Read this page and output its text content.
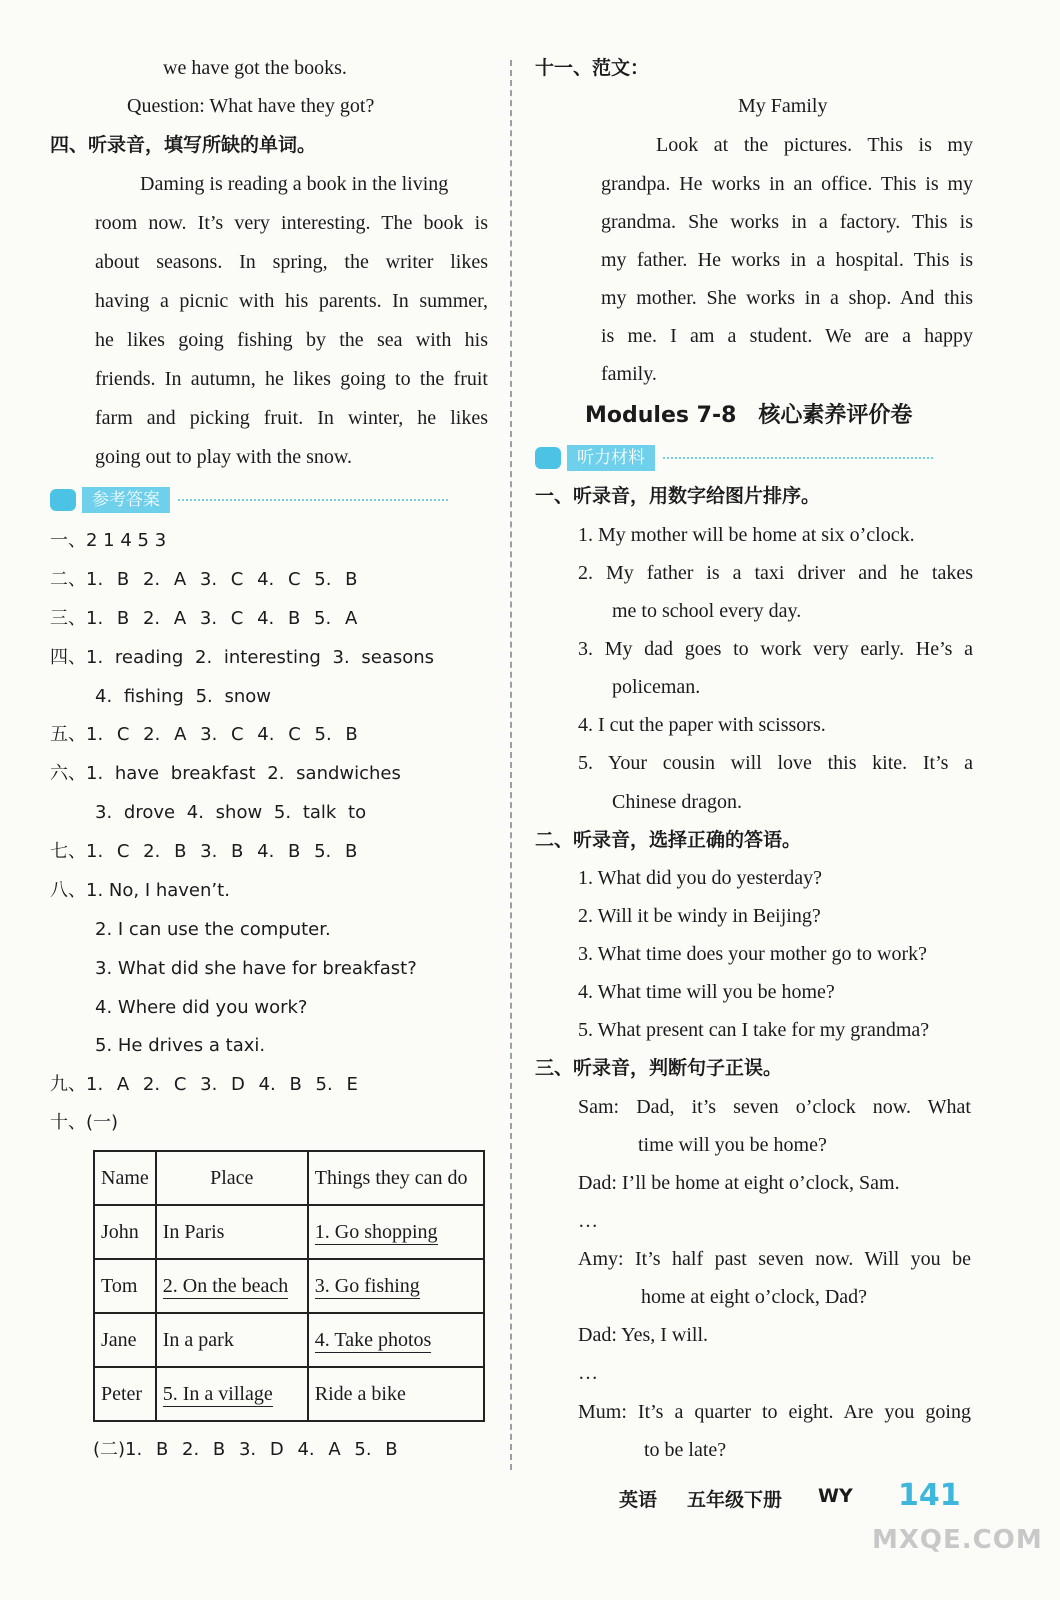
we have got the books.
Question: What have they got?
四、听录音，填写所缺的单词。
Daming is reading a book in the living
room now. It’s very interesting. The book is
about seasons. In spring, the writer likes
having a picnic with his parents. In summer,
he likes going fishing by the sea with his
friends. In autumn, he likes going to the fruit
farm and picking fruit. In winter, he likes
going out to play with the snow.
参考答案
一、2 1 4 5 3
二、1. B 2. A 3. C 4. C 5. B
三、1. B 2. A 3. C 4. B 5. A
四、1. reading 2. interesting 3. seasons
4. fishing 5. snow
五、1. C 2. A 3. C 4. C 5. B
六、1. have breakfast 2. sandwiches
3. drove 4. show 5. talk to
七、1. C 2. B 3. B 4. B 5. B
八、1. No, I haven’t.
2. I can use the computer.
3. What did she have for breakfast?
4. Where did you work?
5. He drives a taxi.
九、1. A 2. C 3. D 4. B 5. E
十、(一)
Name	Place	Things they can do
John	In Paris	1. Go shopping
Tom	2. On the beach	3. Go fishing
Jane	In a park	4. Take photos
Peter	5. In a village	Ride a bike
(二)1. B 2. B 3. D 4. A 5. B
十一、范文：
My Family
Look at the pictures. This is my
grandpa. He works in an office. This is my
grandma. She works in a factory. This is
my father. He works in a hospital. This is
my mother. She works in a shop. And this
is me. I am a student. We are a happy
family.
Modules 7-8　核心素养评价卷
听力材料
一、听录音，用数字给图片排序。
1. My mother will be home at six o’clock.
2. My father is a taxi driver and he takes
me to school every day.
3. My dad goes to work very early. He’s a
policeman.
4. I cut the paper with scissors.
5. Your cousin will love this kite. It’s a
Chinese dragon.
二、听录音，选择正确的答语。
1. What did you do yesterday?
2. Will it be windy in Beijing?
3. What time does your mother go to work?
4. What time will you be home?
5. What present can I take for my grandma?
三、听录音，判断句子正误。
Sam: Dad, it’s seven o’clock now. What
time will you be home?
Dad: I’ll be home at eight o’clock, Sam.
…
Amy: It’s half past seven now. Will you be
home at eight o’clock, Dad?
Dad: Yes, I will.
…
Mum: It’s a quarter to eight. Are you going
to be late?
英语 五年级下册 WY 141
MXQE.COM
